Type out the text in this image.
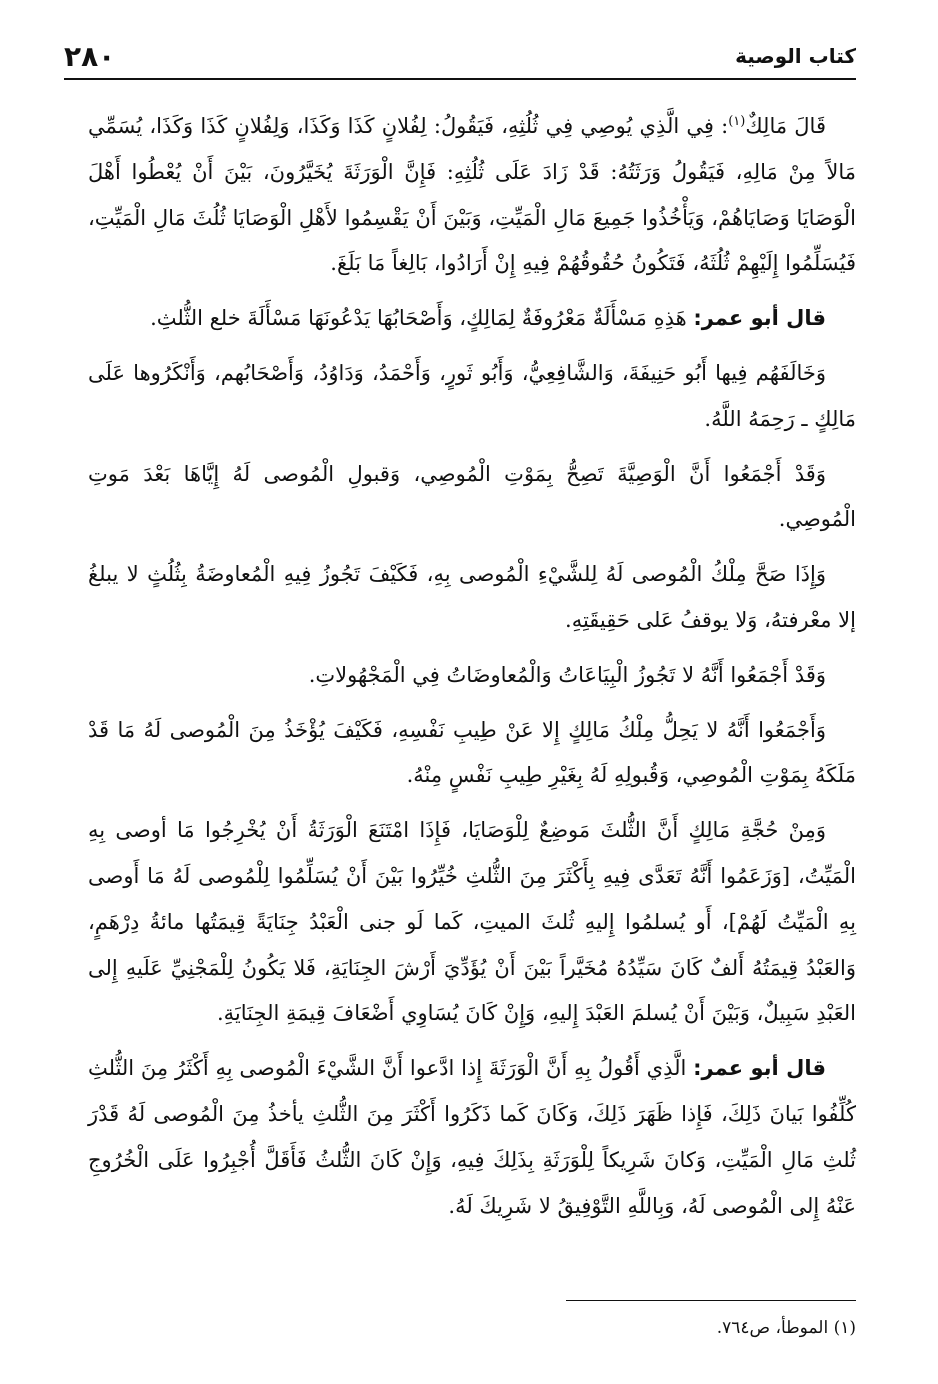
كتاب الوصية
٢٨٠

قَالَ مَالِكٌ$^{(١)}$: فِي الَّذِي يُوصِي فِي ثُلُثِهِ، فَيَقُولُ: لِفُلانٍ كَذَا وَكَذَا، وَلِفُلانٍ كَذَا وَكَذَا، يُسَمِّي مَالاً مِنْ مَالِهِ، فَيَقُولُ وَرَثَتُهُ: قَدْ زَادَ عَلَى ثُلُثِهِ: فَإِنَّ الْوَرَثَةَ يُخَيَّرُونَ، بَيْنَ أَنْ يُعْطُوا أَهْلَ الْوَصَايَا وَصَايَاهُمْ، وَيَأْخُذُوا جَمِيعَ مَالِ الْمَيِّتِ، وَبَيْنَ أَنْ يَقْسِمُوا لأَهْلِ الْوَصَايَا ثُلُثَ مَالِ الْمَيِّتِ، فَيُسَلِّمُوا إِلَيْهِمْ ثُلُثَهُ، فَتَكُونُ حُقُوقُهُمْ فِيهِ إِنْ أَرَادُوا، بَالِغاً مَا بَلَغَ.

قال أبو عمر: هَذِهِ مَسْأَلَةٌ مَعْرُوفَةٌ لِمَالِكٍ، وَأَصْحَابُهَا يَدْعُونَهَا مَسْأَلَةَ خلع الثُّلثِ.

وَخَالَفَهُم فِيها أَبُو حَنِيفَةَ، وَالشَّافِعِيُّ، وَأَبُو ثَورٍ، وَأَحْمَدُ، وَدَاوُدُ، وَأَصْحَابُهم، وَأَنْكَرُوها عَلَى مَالِكٍ ـ رَحِمَهُ اللَّهُ.

وَقَدْ أَجْمَعُوا أَنَّ الْوَصِيَّةَ تَصِحُّ بِمَوْتِ الْمُوصِي، وَقبولِ الْمُوصى لَهُ إِيَّاهَا بَعْدَ مَوتِ الْمُوصِي.

وَإِذَا صَحَّ مِلْكُ الْمُوصى لَهُ لِلشَّيْءِ الْمُوصى بِهِ، فَكَيْفَ تَجُوزُ فِيهِ الْمُعاوضَةُ بِثُلُثٍ لا يبلغُ إلا معْرفتهُ، وَلا يوقفُ عَلى حَقِيقَتِهِ.

وَقَدْ أَجْمَعُوا أَنَّهُ لا تَجُوزُ الْبِيَاعَاتُ وَالْمُعاوضَاتُ فِي الْمَجْهُولاتِ.

وَأَجْمَعُوا أَنَّهُ لا يَحِلُّ مِلْكُ مَالِكٍ إِلا عَنْ طِيبِ نَفْسِهِ، فَكَيْفَ يُؤْخَذُ مِنَ الْمُوصى لَهُ مَا قَدْ مَلَكَهُ بِمَوْتِ الْمُوصِي، وَقُبولِهِ لَهُ بِغَيْرِ طِيبِ نَفْسٍ مِنْهُ.

وَمِنْ حُجَّةِ مَالِكٍ أَنَّ الثُّلثَ مَوضِعٌ لِلْوَصَايَا، فَإِذَا امْتَنَعَ الْوَرَثَةُ أَنْ يُخْرِجُوا مَا أوصى بِهِ الْمَيِّتُ، [وَزَعَمُوا أَنَّهُ تَعَدَّى فِيهِ بِأَكْثَرَ مِنَ الثُّلثِ خُيِّرُوا بَيْنَ أَنْ يُسَلِّمُوا لِلْمُوصى لَهُ مَا أَوصى بِهِ الْمَيِّتُ لَهُمْ]، أَو يُسلمُوا إِليهِ ثُلثَ الميتِ، كَما لَو جنى الْعَبْدُ جِنَايَةً قِيمَتُها مائةُ دِرْهَمٍ، وَالعَبْدُ قِيمَتُهُ أَلفٌ كَانَ سَيِّدُهُ مُخَيَّراً بَيْنَ أَنْ يُؤَدِّيَ أَرْشَ الجِنَايَةِ، فَلا يَكُونُ لِلْمَجْنِيِّ عَلَيهِ إِلى العَبْدِ سَبِيلٌ، وَبَيْنَ أَنْ يُسلمَ العَبْدَ إِليهِ، وَإِنْ كَانَ يُسَاوِي أَضْعَافَ قِيمَةِ الجِنَايَةِ.

قال أبو عمر: الَّذِي أَقُولُ بِهِ أَنَّ الْوَرَثَةَ إِذا ادَّعوا أَنَّ الشَّيْءَ الْمُوصى بِهِ أَكْثَرُ مِنَ الثُّلثِ كُلِّفُوا بَيانَ ذَلِكَ، فَإِذا ظَهَرَ ذَلِكَ، وَكَانَ كَما ذَكَرُوا أَكْثَرَ مِنَ الثُّلثِ يأخذُ مِنَ الْمُوصى لَهُ قَدْرَ ثُلثِ مَالِ الْمَيِّتِ، وَكانَ شَرِيكاً لِلْوَرَثَةِ بِذَلِكَ فِيهِ، وَإِنْ كَانَ الثُّلثُ فَأَقَلَّ أُجْبِرُوا عَلَى الْخُرُوجِ عَنْهُ إِلى الْمُوصى لَهُ، وَبِاللَّهِ التَّوْفِيقُ لا شَرِيكَ لَهُ.

(١) الموطأ، ص٧٦٤.
